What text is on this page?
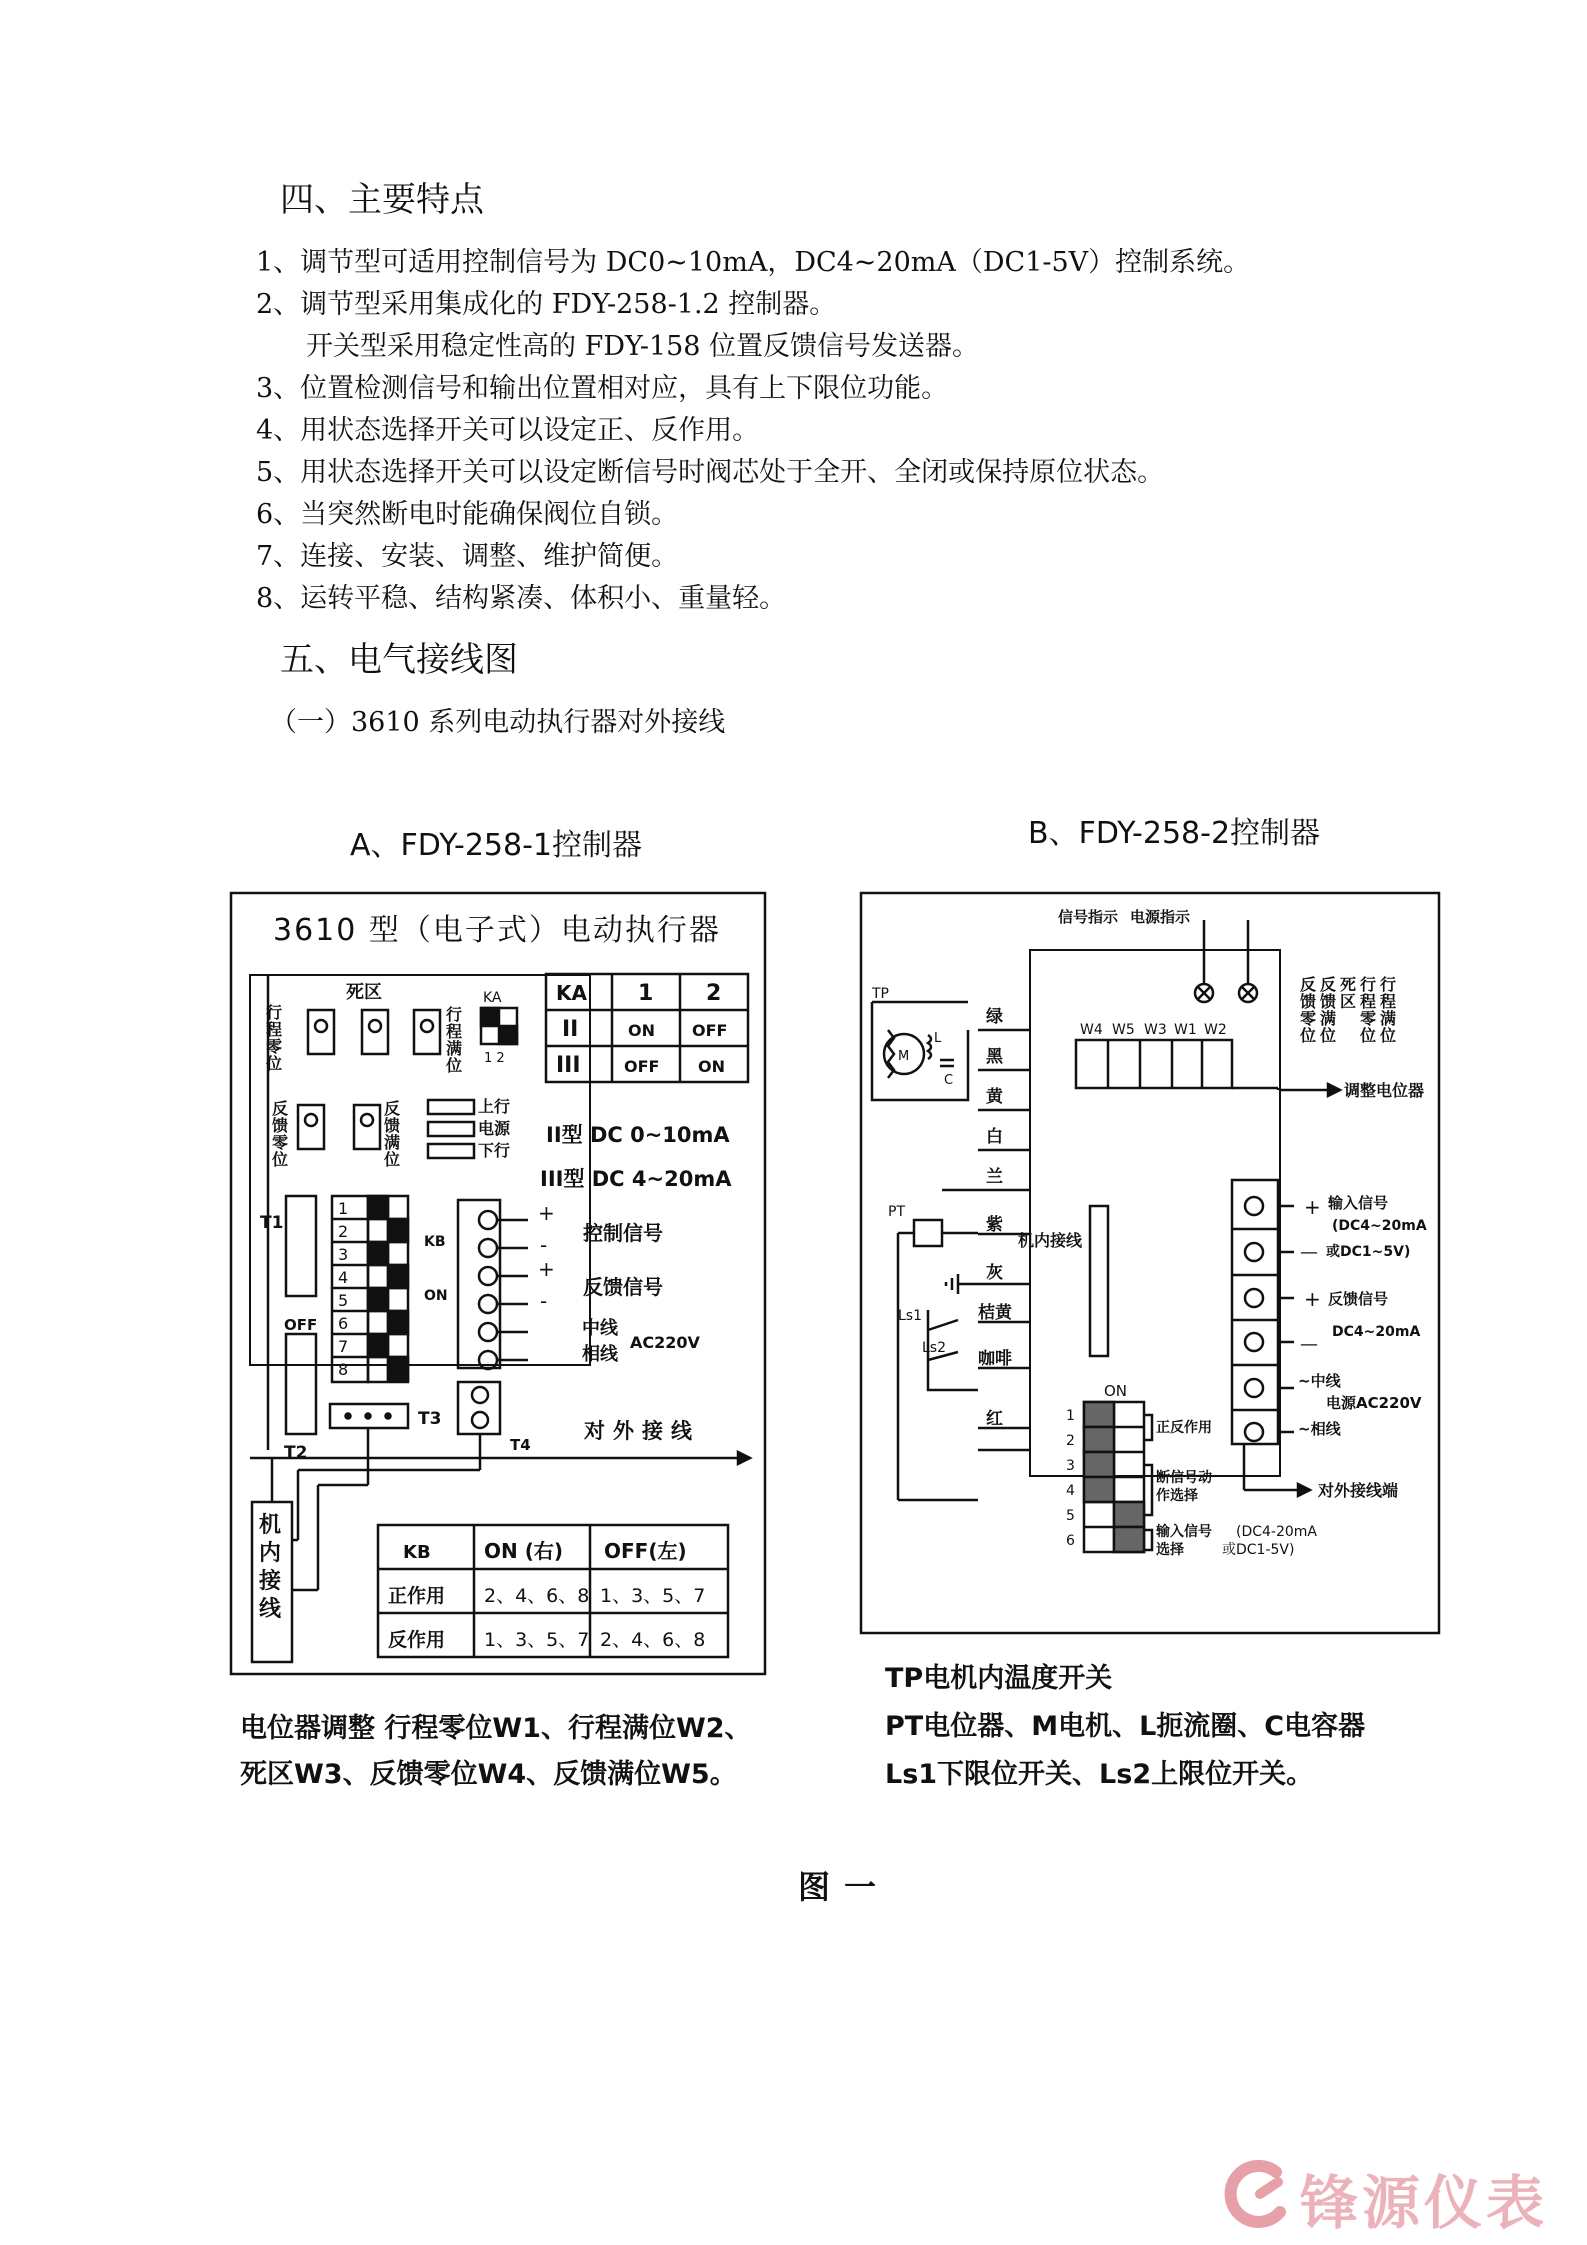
四、主要特点
1、调节型可适用控制信号为 DC0~10mA，DC4~20mA（DC1-5V）控制系统。
2、调节型采用集成化的 FDY-258-1.2 控制器。
开关型采用稳定性高的 FDY-158 位置反馈信号发送器。
3、位置检测信号和输出位置相对应，具有上下限位功能。
4、用状态选择开关可以设定正、反作用。
5、用状态选择开关可以设定断信号时阀芯处于全开、全闭或保持原位状态。
6、当突然断电时能确保阀位自锁。
7、连接、安装、调整、维护简便。
8、运转平稳、结构紧凑、体积小、重量轻。
五、电气接线图
（一）3610 系列电动执行器对外接线
A、FDY-258-1控制器	B、FDY-258-2控制器
3610 型（电子式）电动执行器
死区	KA
1 2
KA 1 2
II	ON OFF
III	OFF ON
上行
电源
下行
II型 DC 0~10mA
III型 DC 4~20mA
T1
OFF
T2
T3
T4
KB
ON
1
2
3
4
5
6
7
8
+
-
+
-
控制信号
反馈信号
中线
相线
AC220V
对外接线
KB	ON (右) OFF(左)
正作用 2、4、6、8 1、3、5、7
反作用 1、3、5、7 2、4、6、8
行程零位
行程满位
反馈零位
反馈满位
机内接线
电位器调整 行程零位W1、行程满位W2、
死区W3、反馈零位W4、反馈满位W5。
信号指示 电源指示
W4 W5 W3 W1 W2
调整电位器
TP
M
L
C
PT
Ls1
Ls2
绿
黑
黄
白
兰
紫
灰
桔黄
咖啡
红
机内接线
ON
1
2
3
4
5
6
正反作用
断信号动
作选择
输入信号
选择
(DC4-20mA
或DC1-5V)
+
—
输入信号
(DC4~20mA
或DC1~5V)
+
—
反馈信号
DC4~20mA
~中线
电源AC220V
~相线
对外接线端
反馈零位
反馈满位
死区
行程零位
行程满位
TP电机内温度开关
PT电位器、M电机、L扼流圈、C电容器
Ls1下限位开关、Ls2上限位开关。
图一
锋源仪表
